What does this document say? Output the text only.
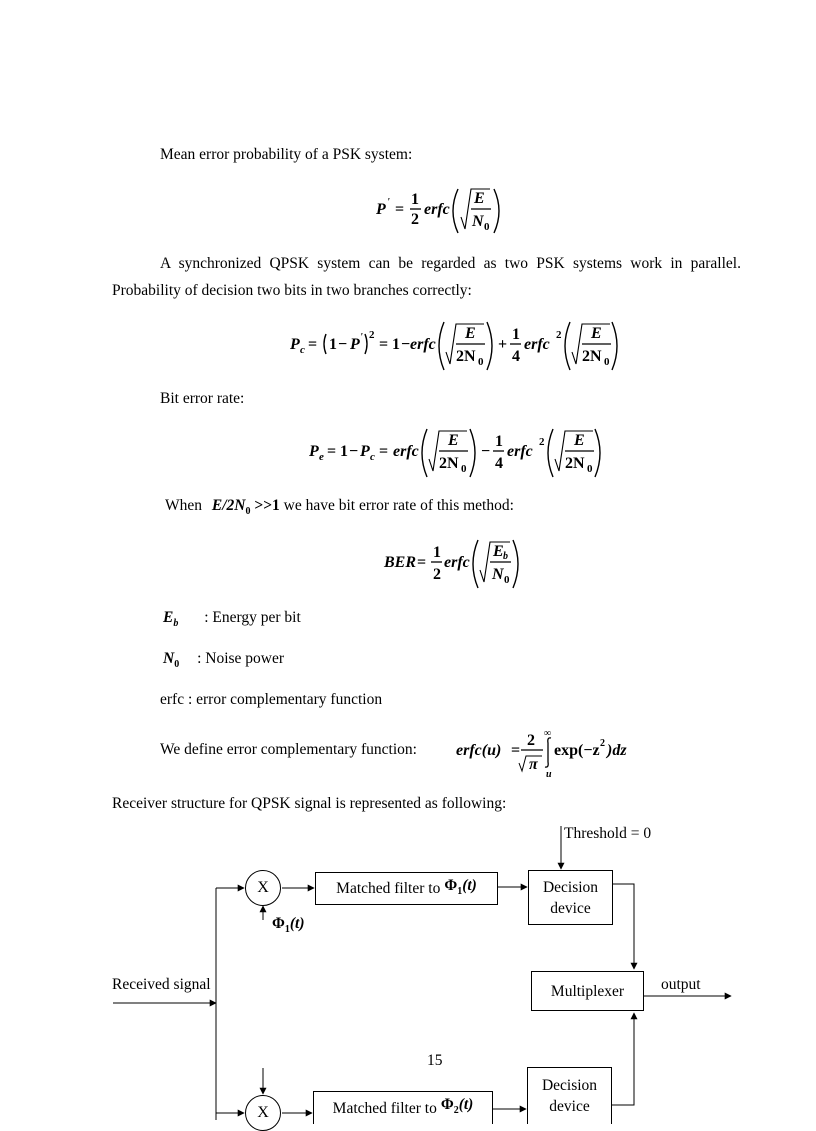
Mean error probability of a PSK system:
P ' =
1
2
erfc
E
N 0
A synchronized QPSK system can be regarded as two PSK systems work in parallel. Probability of decision two bits in two branches correctly:
P c = 1 − P ' 2
= 1 − erfc
E
2N 0
+
1
4
erfc
2 E
2N 0
Bit error rate:
P e = 1 − P c = erfc
E
2N 0
−
1
4
erfc
2 E
2N 0
When $E/2N_0 >>1$ we have bit error rate of this method:
BER =
1
2
erfc
E b
N 0
$E_b$ : Energy per bit
$N_0$ : Noise power
erfc : error complementary function
We define error complementary function: erfc(u) =
2
π
∞
u
exp(−z 2 )dz
Receiver structure for QPSK signal is represented as following:
Threshold = 0
X
X
$\Phi_1(t)$
Matched filter to $\Phi_1(t)$	Decision device
Multiplexer
Received signal	output
Matched filter to $\Phi_2(t)$
Decision device
15
